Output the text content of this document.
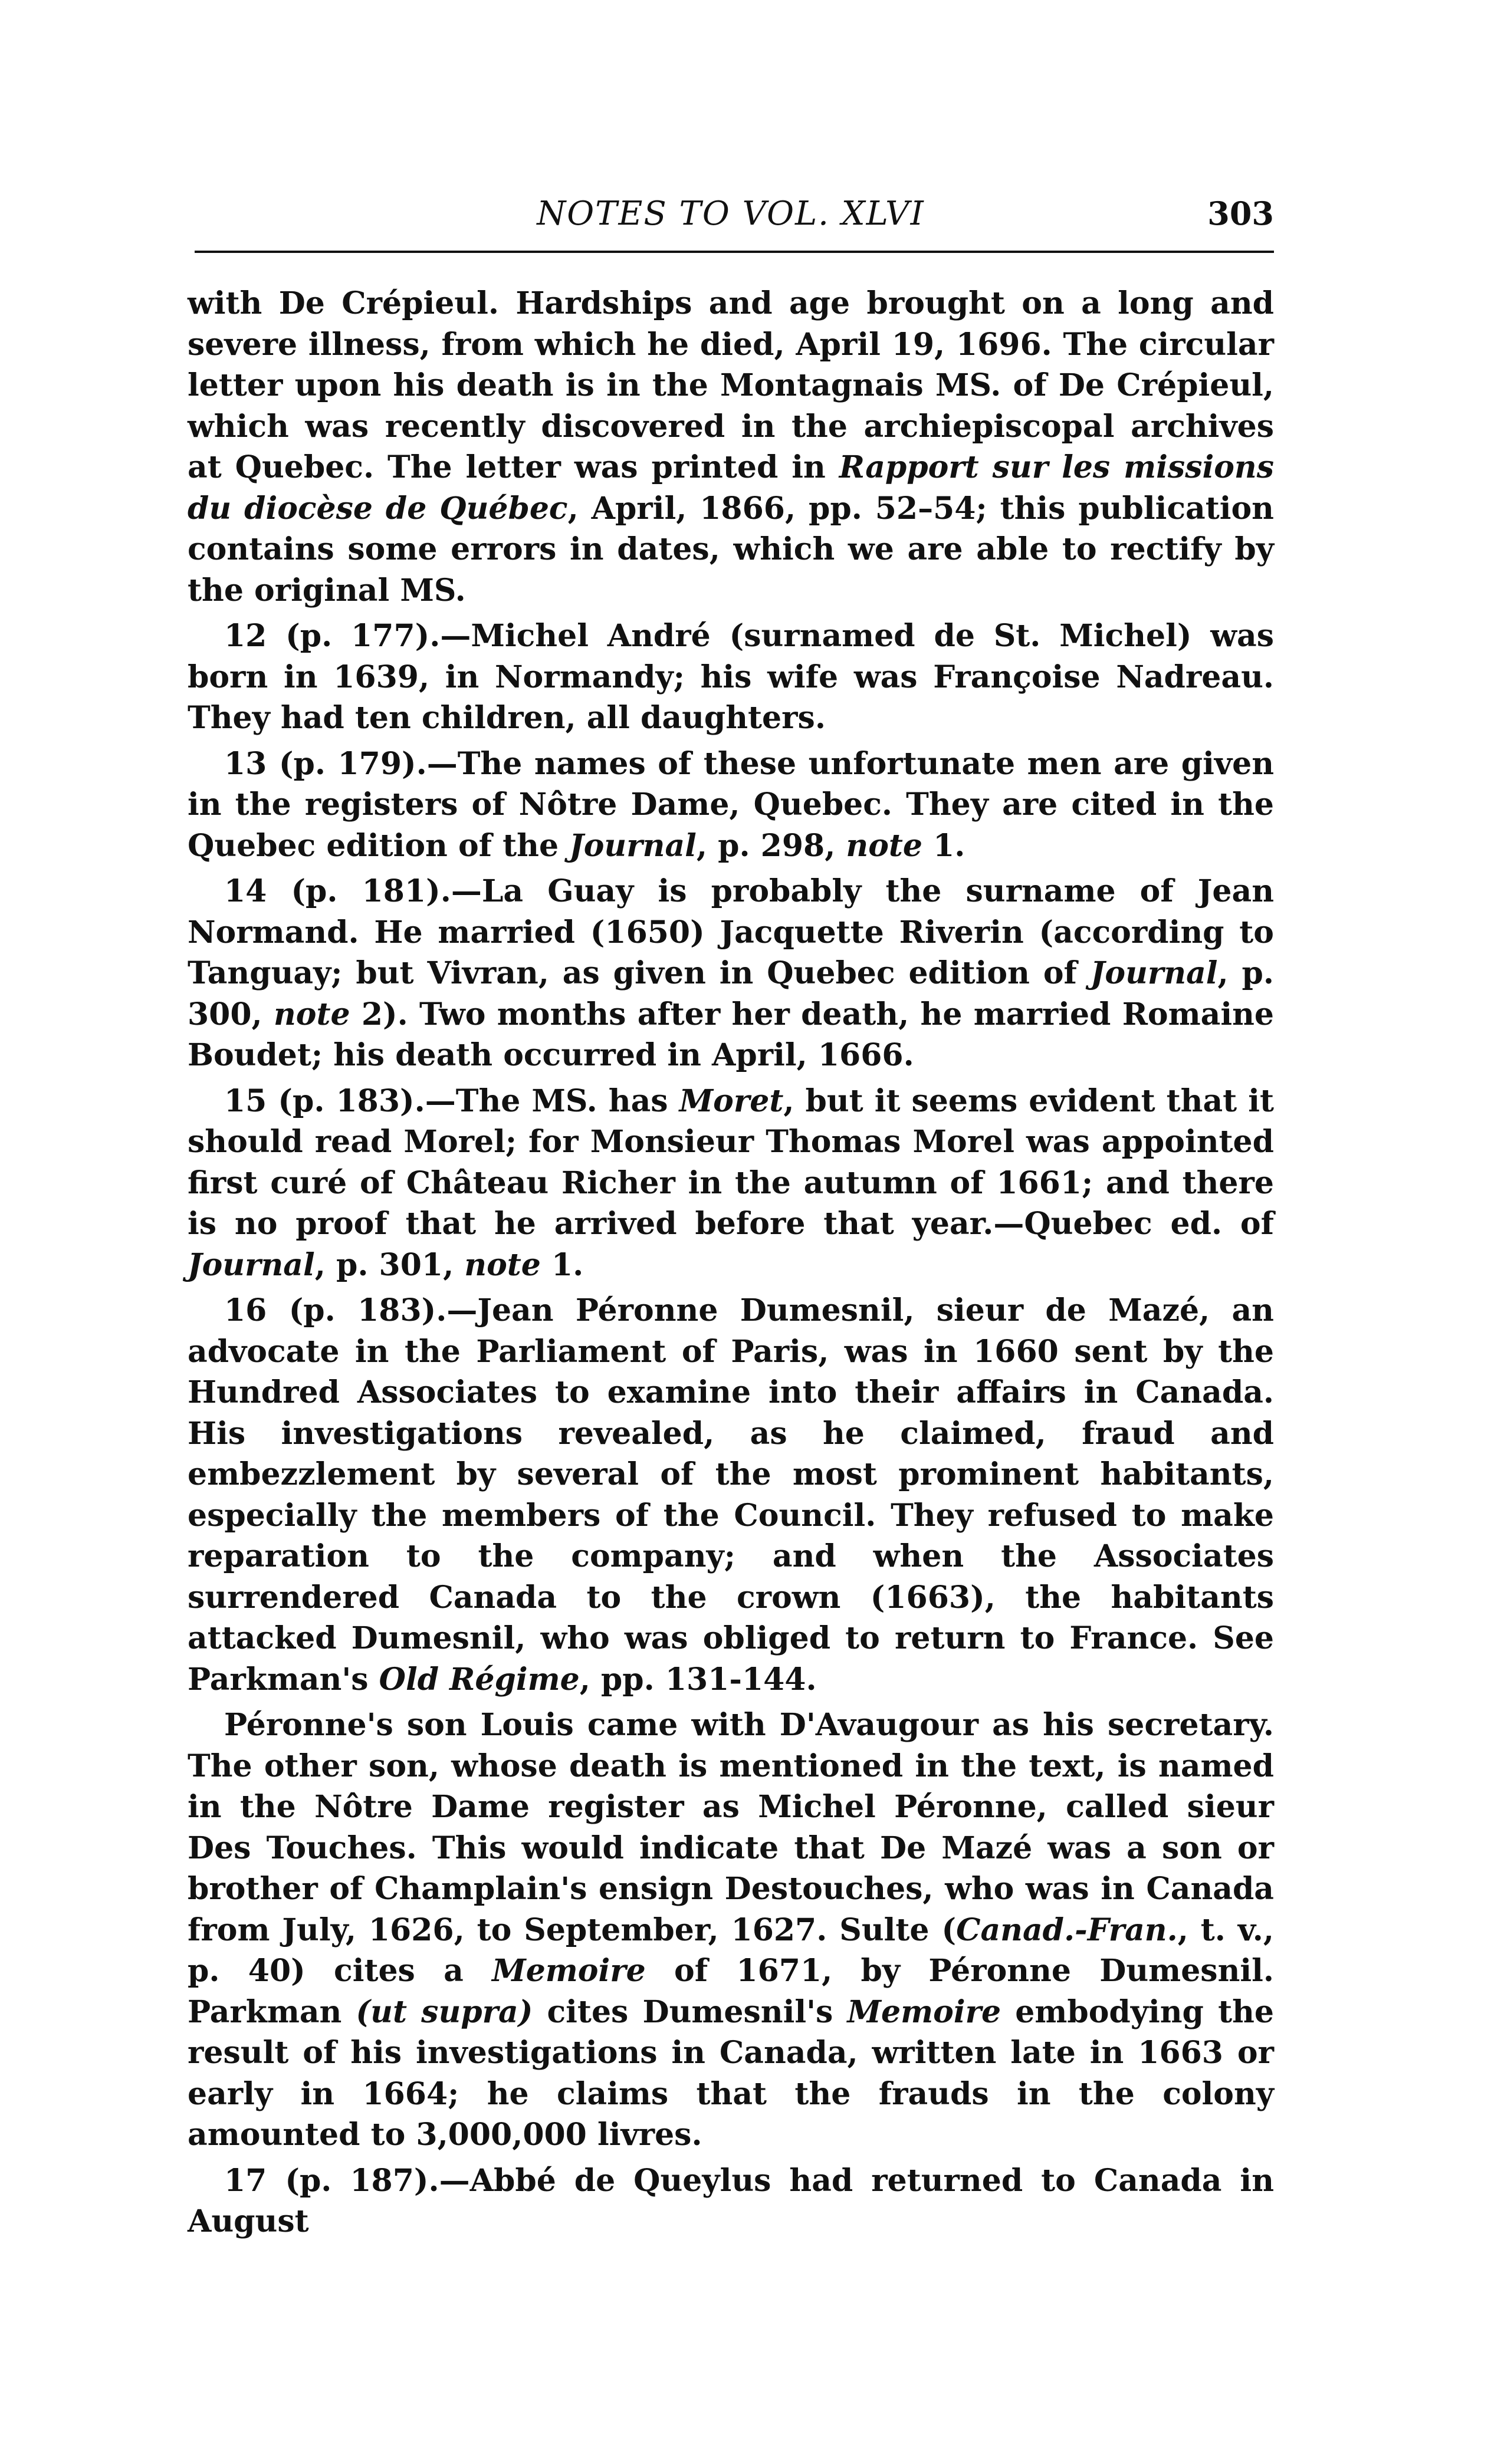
NOTES TO VOL. XLVI	303

with De Crépieul. Hardships and age brought on a long and severe illness, from which he died, April 19, 1696. The circular letter upon his death is in the Montagnais MS. of De Crépieul, which was recently discovered in the archiepiscopal archives at Quebec. The letter was printed in Rapport sur les missions du diocèse de Québec, April, 1866, pp. 52–54; this publication contains some errors in dates, which we are able to rectify by the original MS.

12 (p. 177).—Michel André (surnamed de St. Michel) was born in 1639, in Normandy; his wife was Françoise Nadreau. They had ten children, all daughters.

13 (p. 179).—The names of these unfortunate men are given in the registers of Nôtre Dame, Quebec. They are cited in the Quebec edition of the Journal, p. 298, note 1.

14 (p. 181).—La Guay is probably the surname of Jean Normand. He married (1650) Jacquette Riverin (according to Tanguay; but Vivran, as given in Quebec edition of Journal, p. 300, note 2). Two months after her death, he married Romaine Boudet; his death occurred in April, 1666.

15 (p. 183).—The MS. has Moret, but it seems evident that it should read Morel; for Monsieur Thomas Morel was appointed first curé of Château Richer in the autumn of 1661; and there is no proof that he arrived before that year.—Quebec ed. of Journal, p. 301, note 1.

16 (p. 183).—Jean Péronne Dumesnil, sieur de Mazé, an advocate in the Parliament of Paris, was in 1660 sent by the Hundred Associates to examine into their affairs in Canada. His investigations revealed, as he claimed, fraud and embezzlement by several of the most prominent habitants, especially the members of the Council. They refused to make reparation to the company; and when the Associates surrendered Canada to the crown (1663), the habitants attacked Dumesnil, who was obliged to return to France. See Parkman's Old Régime, pp. 131-144.

Péronne's son Louis came with D'Avaugour as his secretary. The other son, whose death is mentioned in the text, is named in the Nôtre Dame register as Michel Péronne, called sieur Des Touches. This would indicate that De Mazé was a son or brother of Champlain's ensign Destouches, who was in Canada from July, 1626, to September, 1627. Sulte (Canad.-Fran., t. v., p. 40) cites a Memoire of 1671, by Péronne Dumesnil. Parkman (ut supra) cites Dumesnil's Memoire embodying the result of his investigations in Canada, written late in 1663 or early in 1664; he claims that the frauds in the colony amounted to 3,000,000 livres.

17 (p. 187).—Abbé de Queylus had returned to Canada in August
